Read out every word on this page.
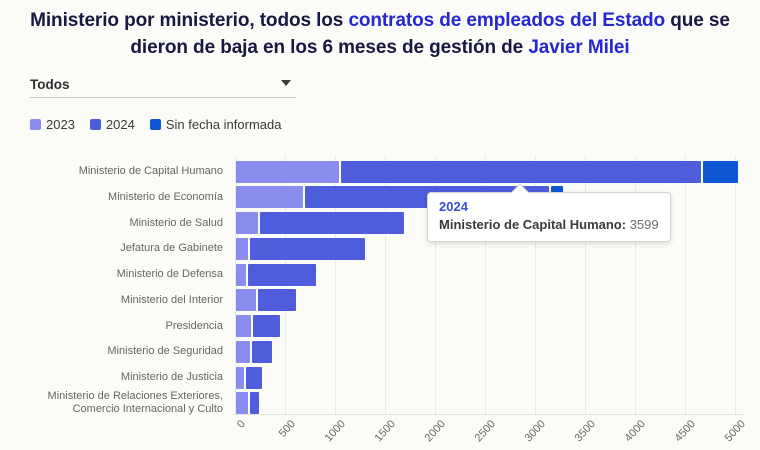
Ministerio por ministerio, todos los contratos de empleados del Estado que se dieron de baja en los 6 meses de gestión de Javier Milei
Todos
2023 2024 Sin fecha informada
0	500 1000 1500 2000 2500 3000 3500 4000 4500 5000
Ministerio de Capital Humano
Ministerio de Economía
Ministerio de Salud
Jefatura de Gabinete
Ministerio de Defensa
Ministerio del Interior
Presidencia
Ministerio de Seguridad
Ministerio de Justicia
Ministerio de Relaciones Exteriores, Comercio Internacional y Culto
2024
Ministerio de Capital Humano: 3599
